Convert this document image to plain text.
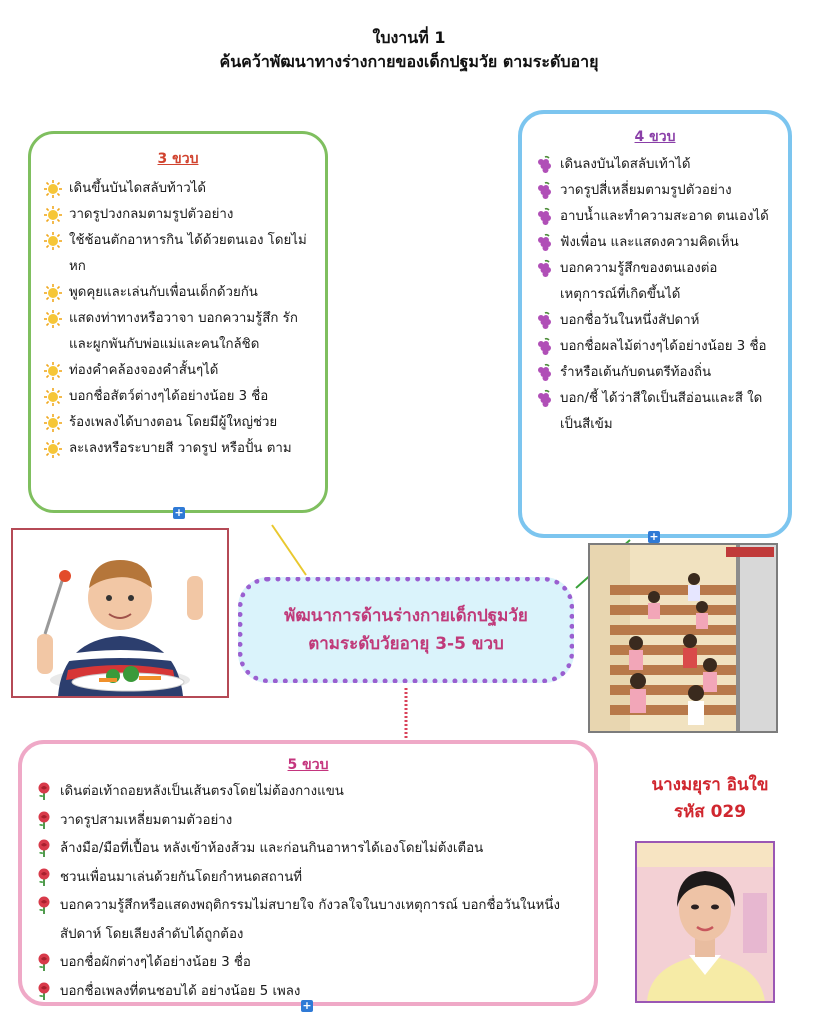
ใบงานที่ 1
ค้นคว้าพัฒนาทางร่างกายของเด็กปฐมวัย ตามระดับอายุ
3 ขวบ
เดินขึ้นบันไดสลับท้าวได้
วาดรูปวงกลมตามรูปตัวอย่าง
ใช้ช้อนตักอาหารกิน ได้ด้วยตนเอง โดยไม่หก
พูดคุยและเล่นกับเพื่อนเด็กด้วยกัน
แสดงท่าทางหรือวาจา บอกความรู้สึก รักและผูกพันกับพ่อแม่และคนใกล้ชิด
ท่องคำคล้องจองคำสั้นๆได้
บอกชื่อสัตว์ต่างๆได้อย่างน้อย 3 ชื่อ
ร้องเพลงได้บางตอน โดยมีผู้ใหญ่ช่วย
ละเลงหรือระบายสี วาดรูป หรือปั้น ตาม
+
4 ขวบ
เดินลงบันไดสลับเท้าได้
วาดรูปสี่เหลี่ยมตามรูปตัวอย่าง
อาบน้ำและทำความสะอาด ตนเองได้
ฟังเพื่อน และแสดงความคิดเห็น
บอกความรู้สึกของตนเองต่อ เหตุการณ์ที่เกิดขึ้นได้
บอกชื่อวันในหนึ่งสัปดาห์
บอกชื่อผลไม้ต่างๆได้อย่างน้อย 3 ชื่อ
รำหรือเต้นกับดนตรีท้องถิ่น
บอก/ชี้ ได้ว่าสีใดเป็นสีอ่อนและสี ใดเป็นสีเข้ม
+
5 ขวบ
เดินต่อเท้าถอยหลังเป็นเส้นตรงโดยไม่ต้องกางแขน
วาดรูปสามเหลี่ยมตามตัวอย่าง
ล้างมือ/มือที่เปื้อน หลังเข้าห้องส้วม และก่อนกินอาหารได้เองโดยไม่ต้งเตือน
ชวนเพื่อนมาเล่นด้วยกันโดยกำหนดสถานที่
บอกความรู้สึกหรือแสดงพฤติกรรมไม่สบายใจ กังวลใจในบางเหตุการณ์ บอกชื่อวันในหนึ่งสัปดาห์ โดยเลียงลำดับได้ถูกต้อง
บอกชื่อผักต่างๆได้อย่างน้อย 3 ชื่อ
บอกชื่อเพลงที่ตนชอบได้ อย่างน้อย 5 เพลง
+
พัฒนาการด้านร่างกายเด็กปฐมวัย
ตามระดับวัยอายุ 3-5 ขวบ
นางมยุรา อินใข
รหัส 029
